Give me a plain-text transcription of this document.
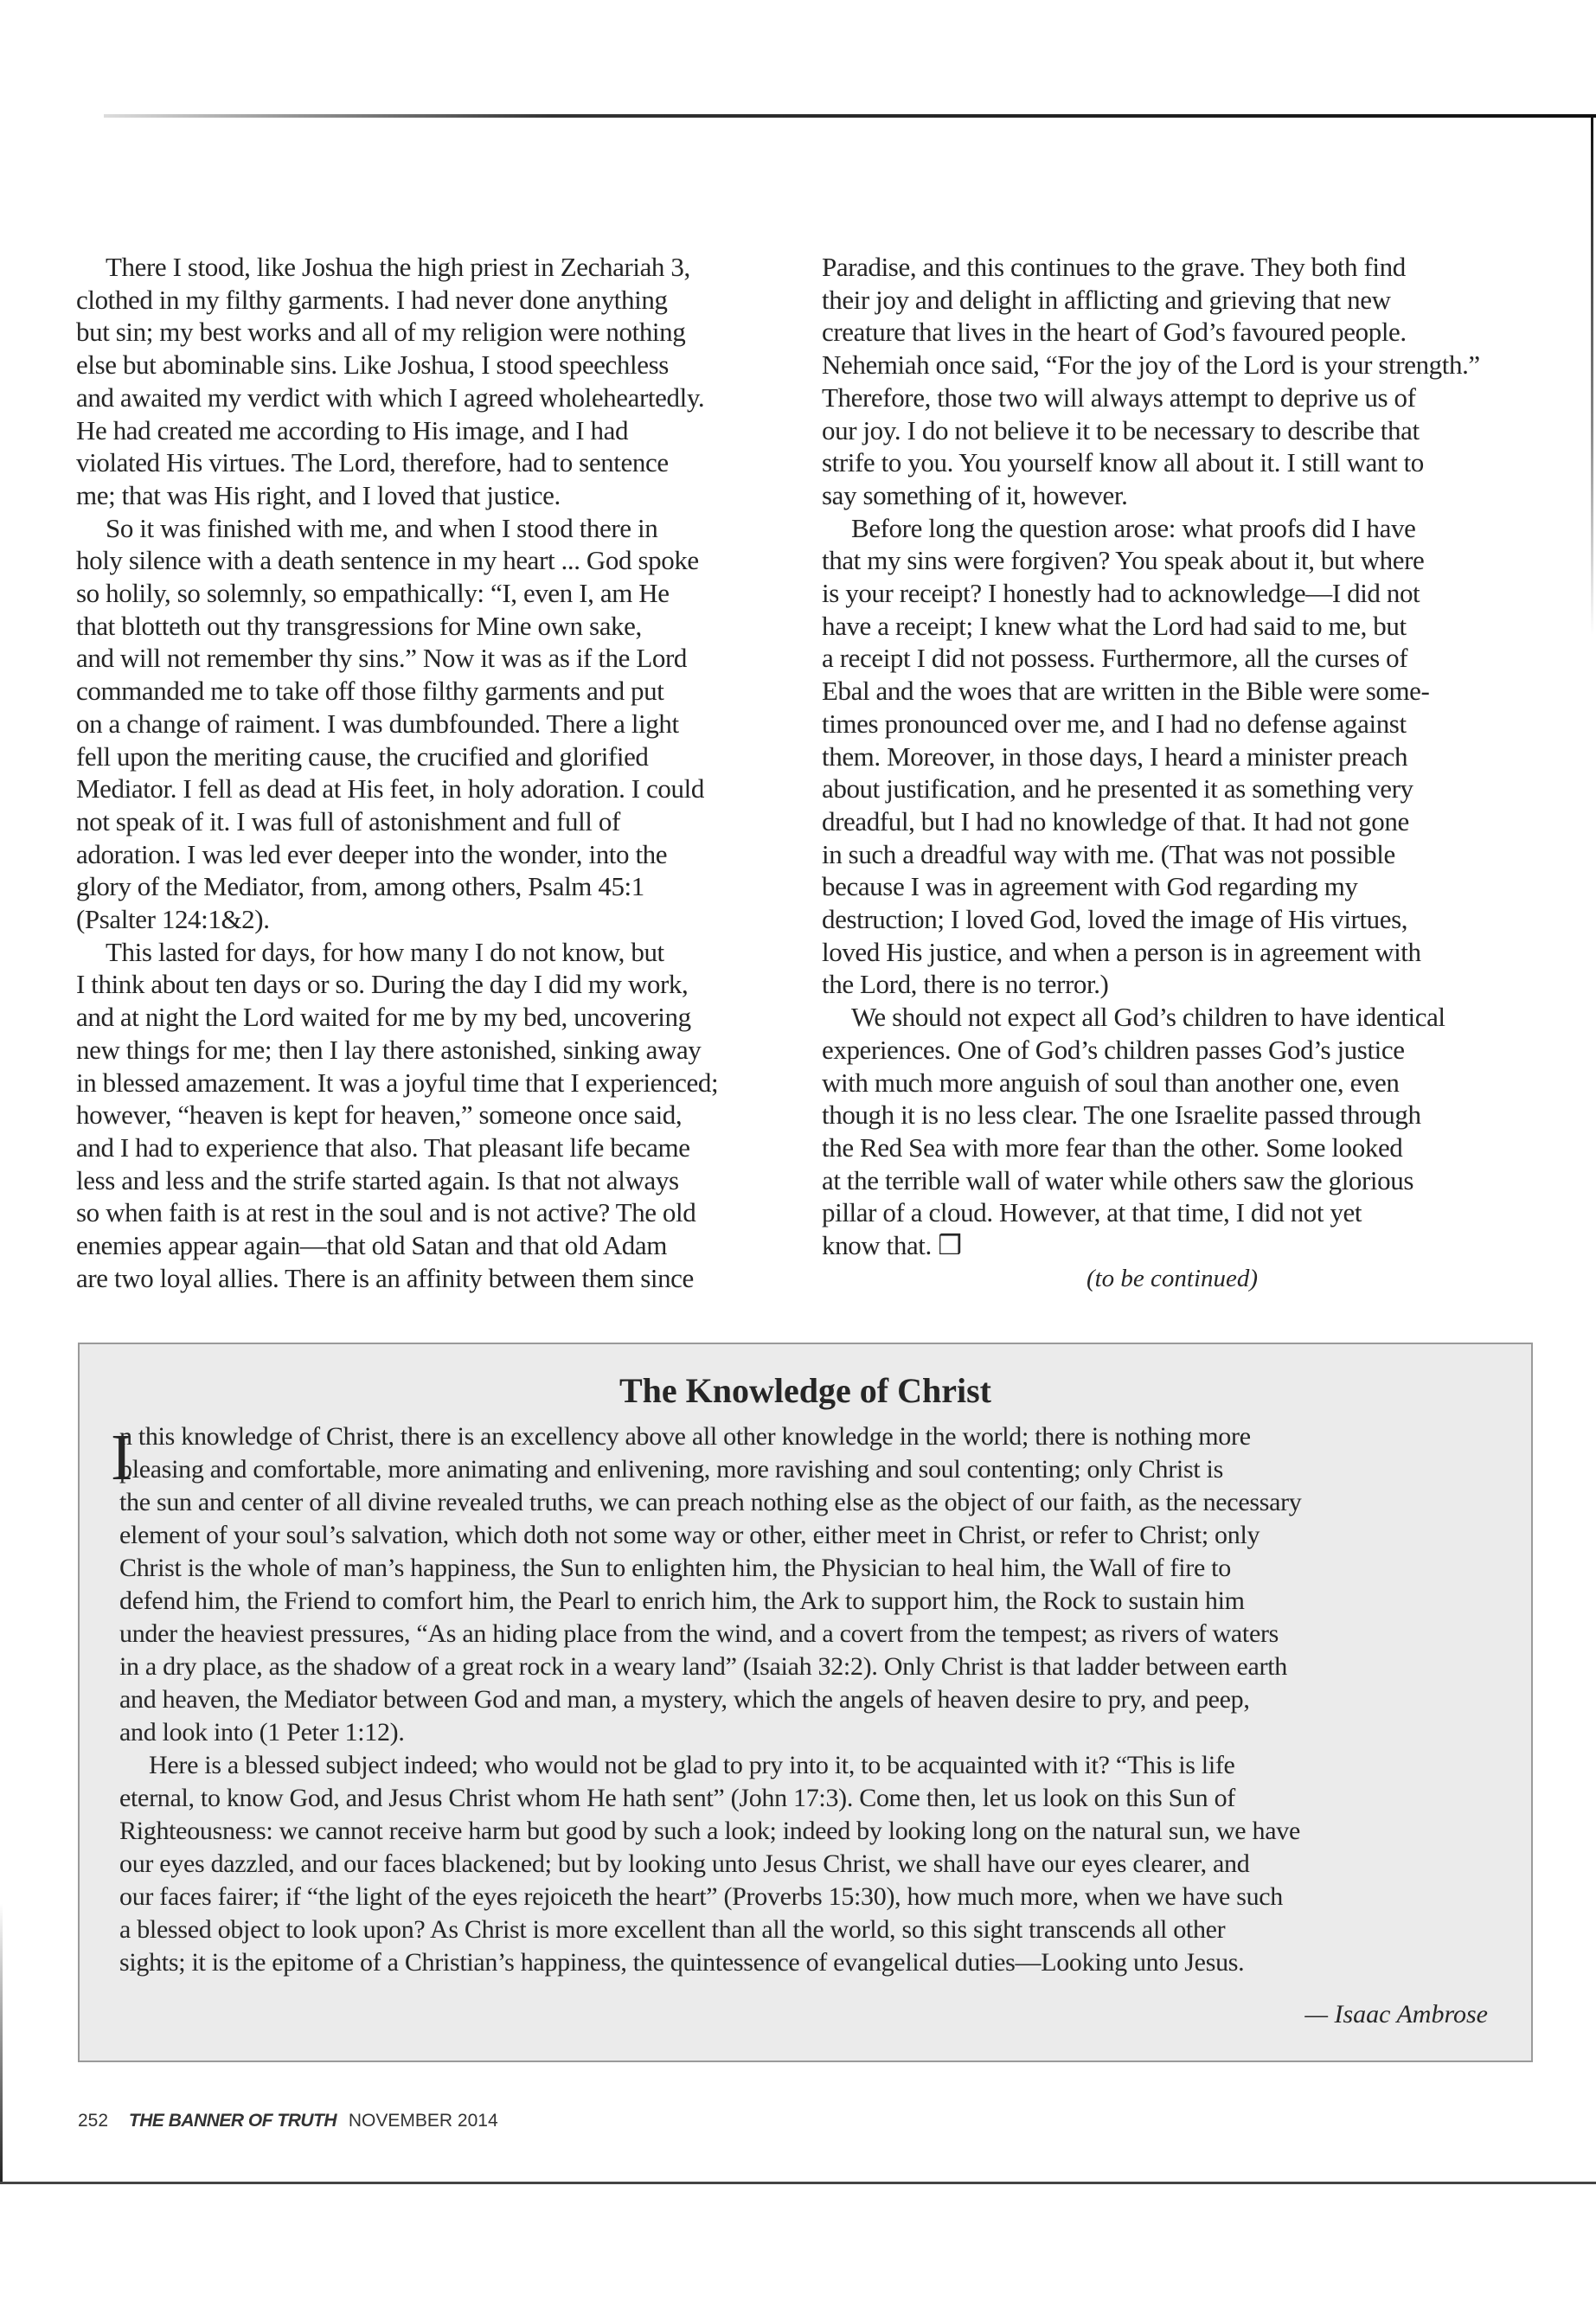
There I stood, like Joshua the high priest in Zechariah 3,
clothed in my filthy garments. I had never done anything
but sin; my best works and all of my religion were nothing
else but abominable sins. Like Joshua, I stood speechless
and awaited my verdict with which I agreed wholeheartedly.
He had created me according to His image, and I had
violated His virtues. The Lord, therefore, had to sentence
me; that was His right, and I loved that justice.
So it was finished with me, and when I stood there in
holy silence with a death sentence in my heart ... God spoke
so holily, so solemnly, so empathically: “I, even I, am He
that blotteth out thy transgressions for Mine own sake,
and will not remember thy sins.” Now it was as if the Lord
commanded me to take off those filthy garments and put
on a change of raiment. I was dumbfounded. There a light
fell upon the meriting cause, the crucified and glorified
Mediator. I fell as dead at His feet, in holy adoration. I could
not speak of it. I was full of astonishment and full of
adoration. I was led ever deeper into the wonder, into the
glory of the Mediator, from, among others, Psalm 45:1
(Psalter 124:1&2).
This lasted for days, for how many I do not know, but
I think about ten days or so. During the day I did my work,
and at night the Lord waited for me by my bed, uncovering
new things for me; then I lay there astonished, sinking away
in blessed amazement. It was a joyful time that I experienced;
however, “heaven is kept for heaven,” someone once said,
and I had to experience that also. That pleasant life became
less and less and the strife started again. Is that not always
so when faith is at rest in the soul and is not active? The old
enemies appear again—that old Satan and that old Adam
are two loyal allies. There is an affinity between them since
Paradise, and this continues to the grave. They both find
their joy and delight in afflicting and grieving that new
creature that lives in the heart of God’s favoured people.
Nehemiah once said, “For the joy of the Lord is your strength.”
Therefore, those two will always attempt to deprive us of
our joy. I do not believe it to be necessary to describe that
strife to you. You yourself know all about it. I still want to
say something of it, however.
Before long the question arose: what proofs did I have
that my sins were forgiven? You speak about it, but where
is your receipt? I honestly had to acknowledge—I did not
have a receipt; I knew what the Lord had said to me, but
a receipt I did not possess. Furthermore, all the curses of
Ebal and the woes that are written in the Bible were some-
times pronounced over me, and I had no defense against
them. Moreover, in those days, I heard a minister preach
about justification, and he presented it as something very
dreadful, but I had no knowledge of that. It had not gone
in such a dreadful way with me. (That was not possible
because I was in agreement with God regarding my
destruction; I loved God, loved the image of His virtues,
loved His justice, and when a person is in agreement with
the Lord, there is no terror.)
We should not expect all God’s children to have identical
experiences. One of God’s children passes God’s justice
with much more anguish of soul than another one, even
though it is no less clear. The one Israelite passed through
the Red Sea with more fear than the other. Some looked
at the terrible wall of water while others saw the glorious
pillar of a cloud. However, at that time, I did not yet
know that. ❒
(to be continued)
The Knowledge of Christ
I
n this knowledge of Christ, there is an excellency above all other knowledge in the world; there is nothing more
pleasing and comfortable, more animating and enlivening, more ravishing and soul contenting; only Christ is
the sun and center of all divine revealed truths, we can preach nothing else as the object of our faith, as the necessary
element of your soul’s salvation, which doth not some way or other, either meet in Christ, or refer to Christ; only
Christ is the whole of man’s happiness, the Sun to enlighten him, the Physician to heal him, the Wall of fire to
defend him, the Friend to comfort him, the Pearl to enrich him, the Ark to support him, the Rock to sustain him
under the heaviest pressures, “As an hiding place from the wind, and a covert from the tempest; as rivers of waters
in a dry place, as the shadow of a great rock in a weary land” (Isaiah 32:2). Only Christ is that ladder between earth
and heaven, the Mediator between God and man, a mystery, which the angels of heaven desire to pry, and peep,
and look into (1 Peter 1:12).
Here is a blessed subject indeed; who would not be glad to pry into it, to be acquainted with it? “This is life
eternal, to know God, and Jesus Christ whom He hath sent” (John 17:3). Come then, let us look on this Sun of
Righteousness: we cannot receive harm but good by such a look; indeed by looking long on the natural sun, we have
our eyes dazzled, and our faces blackened; but by looking unto Jesus Christ, we shall have our eyes clearer, and
our faces fairer; if “the light of the eyes rejoiceth the heart” (Proverbs 15:30), how much more, when we have such
a blessed object to look upon? As Christ is more excellent than all the world, so this sight transcends all other
sights; it is the epitome of a Christian’s happiness, the quintessence of evangelical duties—Looking unto Jesus.
— Isaac Ambrose
252 THE BANNER OF TRUTH NOVEMBER 2014
